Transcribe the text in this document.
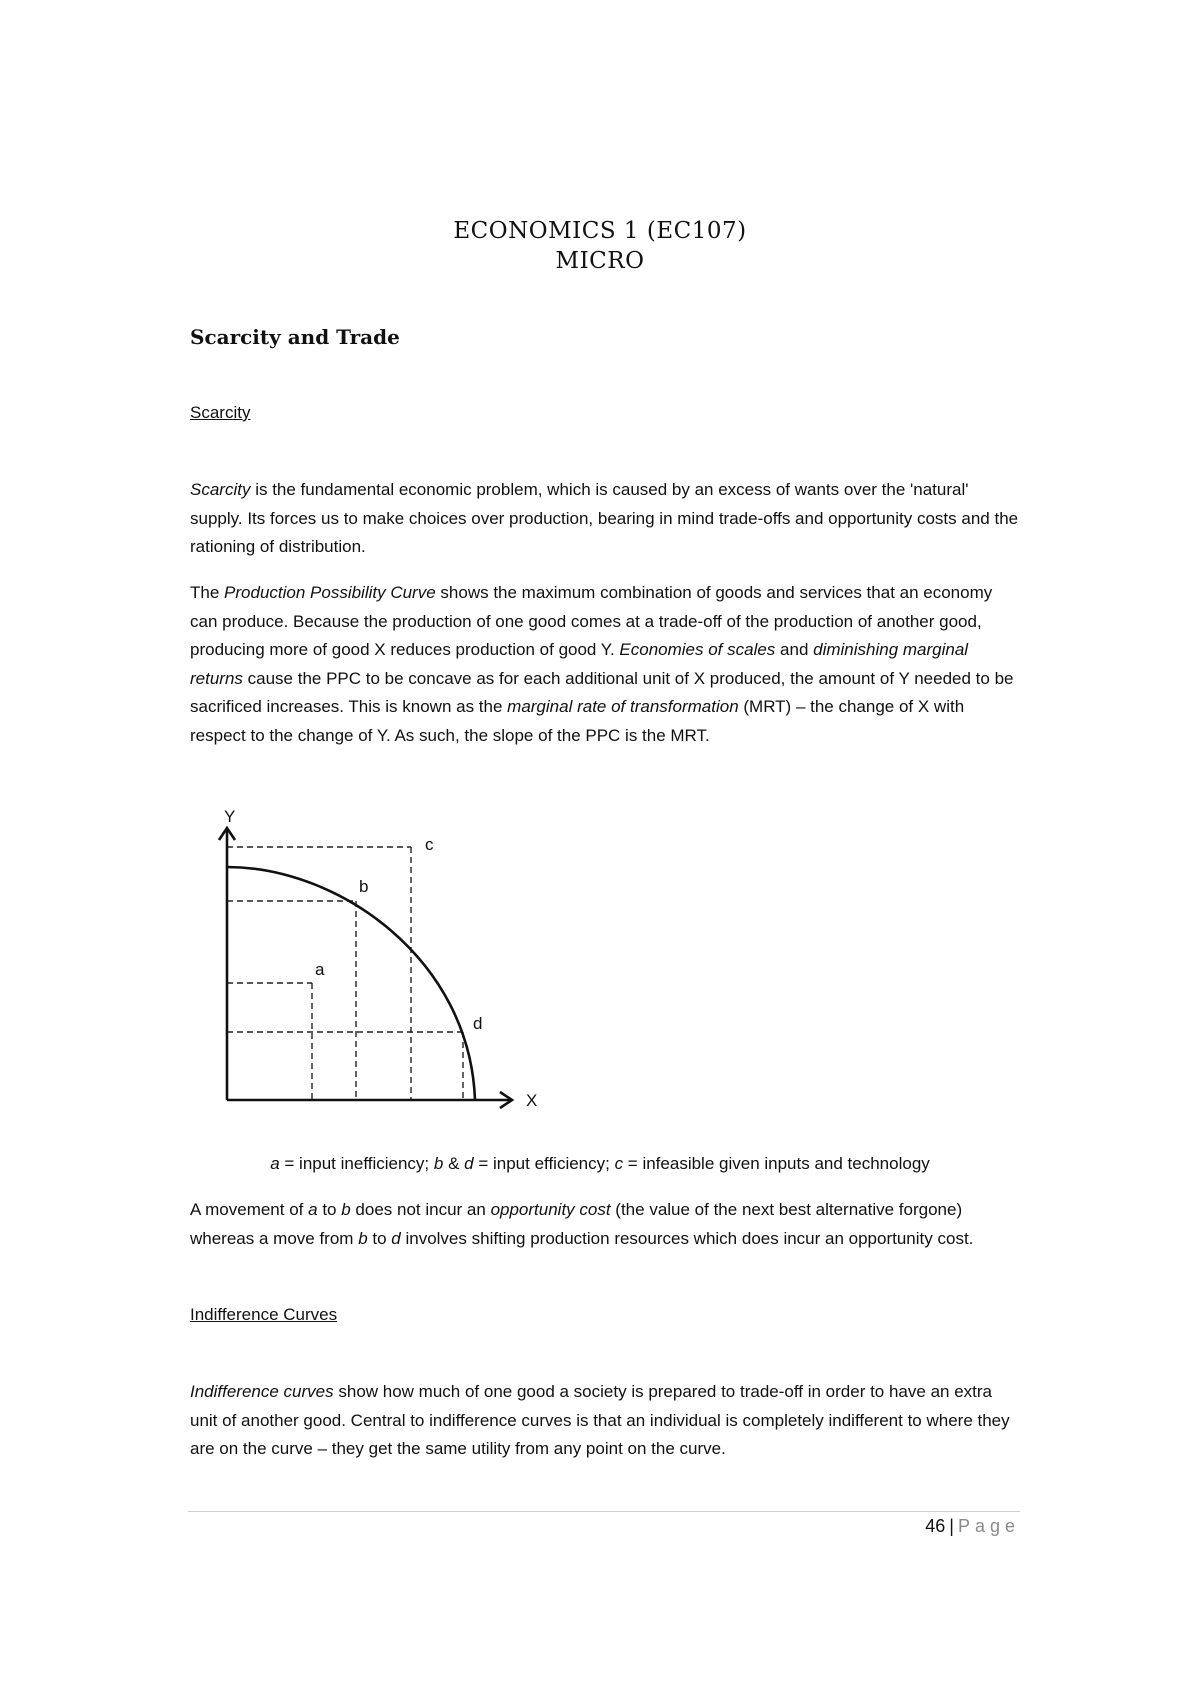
ECONOMICS 1 (EC107)
MICRO
Scarcity and Trade
Scarcity
Scarcity is the fundamental economic problem, which is caused by an excess of wants over the 'natural' supply. Its forces us to make choices over production, bearing in mind trade-offs and opportunity costs and the rationing of distribution.
The Production Possibility Curve shows the maximum combination of goods and services that an economy can produce. Because the production of one good comes at a trade-off of the production of another good, producing more of good X reduces production of good Y. Economies of scales and diminishing marginal returns cause the PPC to be concave as for each additional unit of X produced, the amount of Y needed to be sacrificed increases. This is known as the marginal rate of transformation (MRT) – the change of X with respect to the change of Y. As such, the slope of the PPC is the MRT.
Y
X
c
b
a
d
a = input inefficiency; b & d = input efficiency; c = infeasible given inputs and technology
A movement of a to b does not incur an opportunity cost (the value of the next best alternative forgone) whereas a move from b to d involves shifting production resources which does incur an opportunity cost.
Indifference Curves
Indifference curves show how much of one good a society is prepared to trade-off in order to have an extra unit of another good. Central to indifference curves is that an individual is completely indifferent to where they are on the curve – they get the same utility from any point on the curve.
46 | Page
